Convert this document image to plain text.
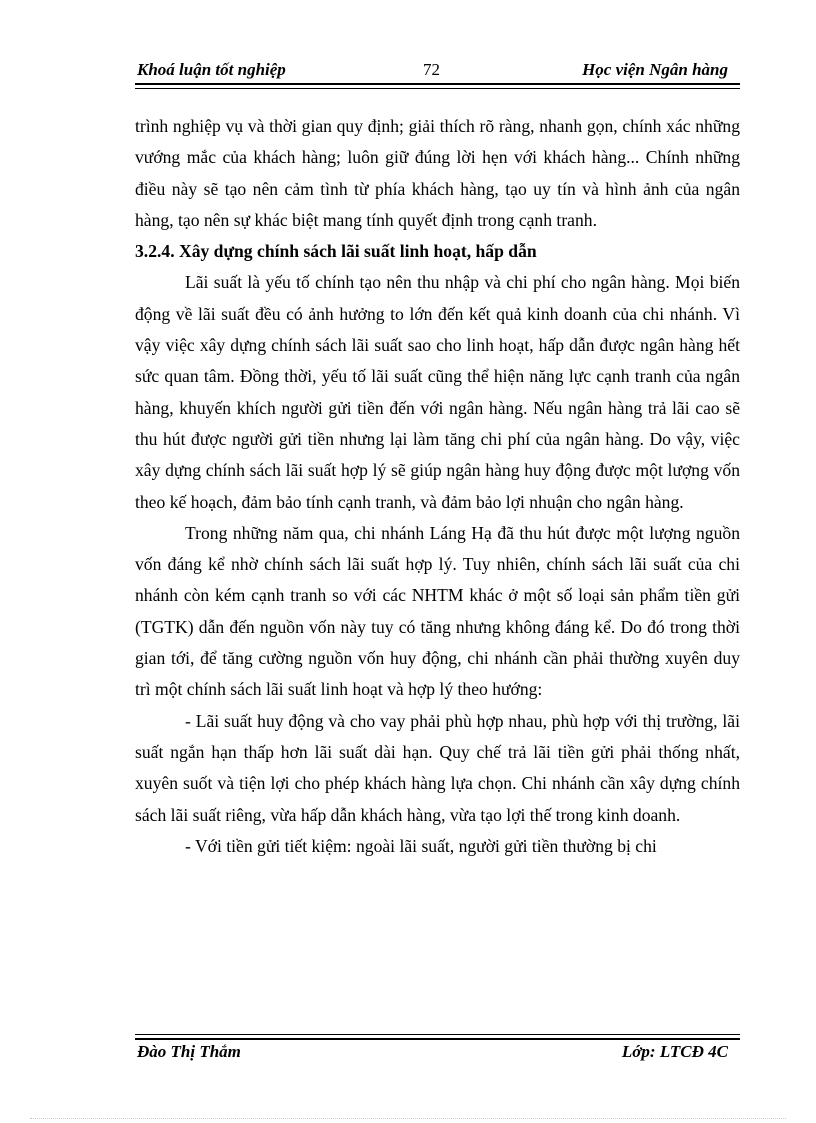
Khoá luận tốt nghiệp	72	Học viện Ngân hàng

trình nghiệp vụ và thời gian quy định; giải thích rõ ràng, nhanh gọn, chính xác những vướng mắc của khách hàng; luôn giữ đúng lời hẹn với khách hàng... Chính những điều này sẽ tạo nên cảm tình từ phía khách hàng, tạo uy tín và hình ảnh của ngân hàng, tạo nên sự khác biệt mang tính quyết định trong cạnh tranh.

3.2.4. Xây dựng chính sách lãi suất linh hoạt, hấp dẫn

Lãi suất là yếu tố chính tạo nên thu nhập và chi phí cho ngân hàng. Mọi biến động về lãi suất đều có ảnh hưởng to lớn đến kết quả kinh doanh của chi nhánh. Vì vậy việc xây dựng chính sách lãi suất sao cho linh hoạt, hấp dẫn được ngân hàng hết sức quan tâm. Đồng thời, yếu tố lãi suất cũng thể hiện năng lực cạnh tranh của ngân hàng, khuyến khích người gửi tiền đến với ngân hàng. Nếu ngân hàng trả lãi cao sẽ thu hút được người gửi tiền nhưng lại làm tăng chi phí của ngân hàng. Do vậy, việc xây dựng chính sách lãi suất hợp lý sẽ giúp ngân hàng huy động được một lượng vốn theo kế hoạch, đảm bảo tính cạnh tranh, và đảm bảo lợi nhuận cho ngân hàng.

Trong những năm qua, chi nhánh Láng Hạ đã thu hút được một lượng nguồn vốn đáng kể nhờ chính sách lãi suất hợp lý. Tuy nhiên, chính sách lãi suất của chi nhánh còn kém cạnh tranh so với các NHTM khác ở một số loại sản phẩm tiền gửi (TGTK) dẫn đến nguồn vốn này tuy có tăng nhưng không đáng kể. Do đó trong thời gian tới, để tăng cường nguồn vốn huy động, chi nhánh cần phải thường xuyên duy trì một chính sách lãi suất linh hoạt và hợp lý theo hướng:

- Lãi suất huy động và cho vay phải phù hợp nhau, phù hợp với thị trường, lãi suất ngắn hạn thấp hơn lãi suất dài hạn. Quy chế trả lãi tiền gửi phải thống nhất, xuyên suốt và tiện lợi cho phép khách hàng lựa chọn. Chi nhánh cần xây dựng chính sách lãi suất riêng, vừa hấp dẫn khách hàng, vừa tạo lợi thế trong kinh doanh.

- Với tiền gửi tiết kiệm: ngoài lãi suất, người gửi tiền thường bị chi

Đào Thị Thắm	Lớp: LTCĐ 4C
